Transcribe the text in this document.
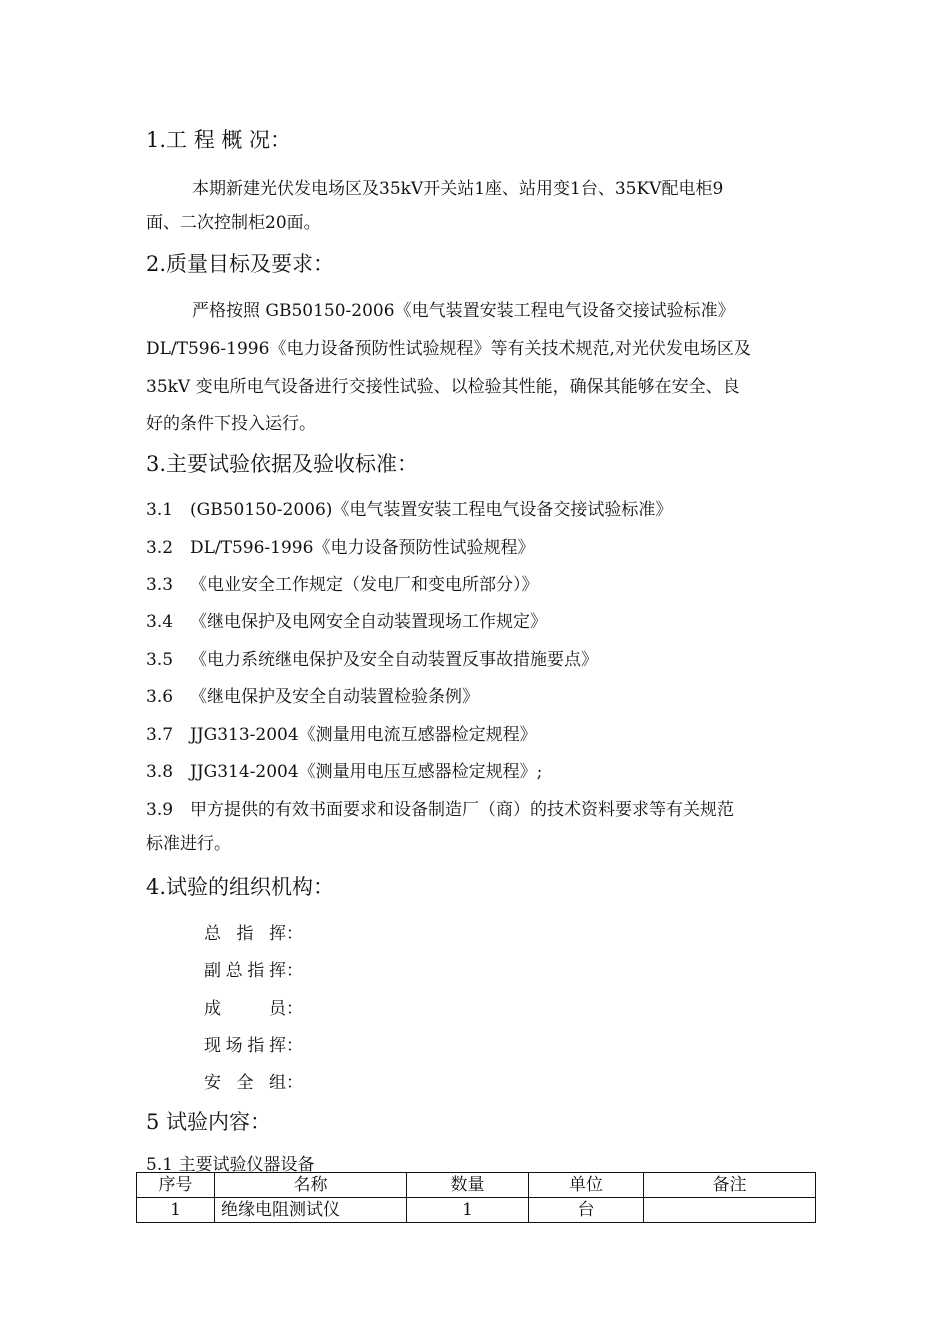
1.工 程 概 况：
本期新建光伏发电场区及35kV开关站1座、站用变1台、35KV配电柜9
面、二次控制柜20面。
2.质量目标及要求：
严格按照 GB50150-2006《电气装置安装工程电气设备交接试验标准》
DL/T596-1996《电力设备预防性试验规程》等有关技术规范,对光伏发电场区及
35kV 变电所电气设备进行交接性试验、以检验其性能，确保其能够在安全、良
好的条件下投入运行。
3.主要试验依据及验收标准：
3.1 (GB50150-2006)《电气装置安装工程电气设备交接试验标准》
3.2 DL/T596-1996《电力设备预防性试验规程》
3.3 《电业安全工作规定（发电厂和变电所部分）》
3.4 《继电保护及电网安全自动装置现场工作规定》
3.5 《电力系统继电保护及安全自动装置反事故措施要点》
3.6 《继电保护及安全自动装置检验条例》
3.7 JJG313-2004《测量用电流互感器检定规程》
3.8 JJG314-2004《测量用电压互感器检定规程》;
3.9 甲方提供的有效书面要求和设备制造厂（商）的技术资料要求等有关规范
标准进行。
4.试验的组织机构：
总指挥：
副总指挥：
成员：
现场指挥：
安全组：
5 试验内容：
5.1 主要试验仪器设备
序号	名称	数量	单位	备注
1	绝缘电阻测试仪	1	台	
